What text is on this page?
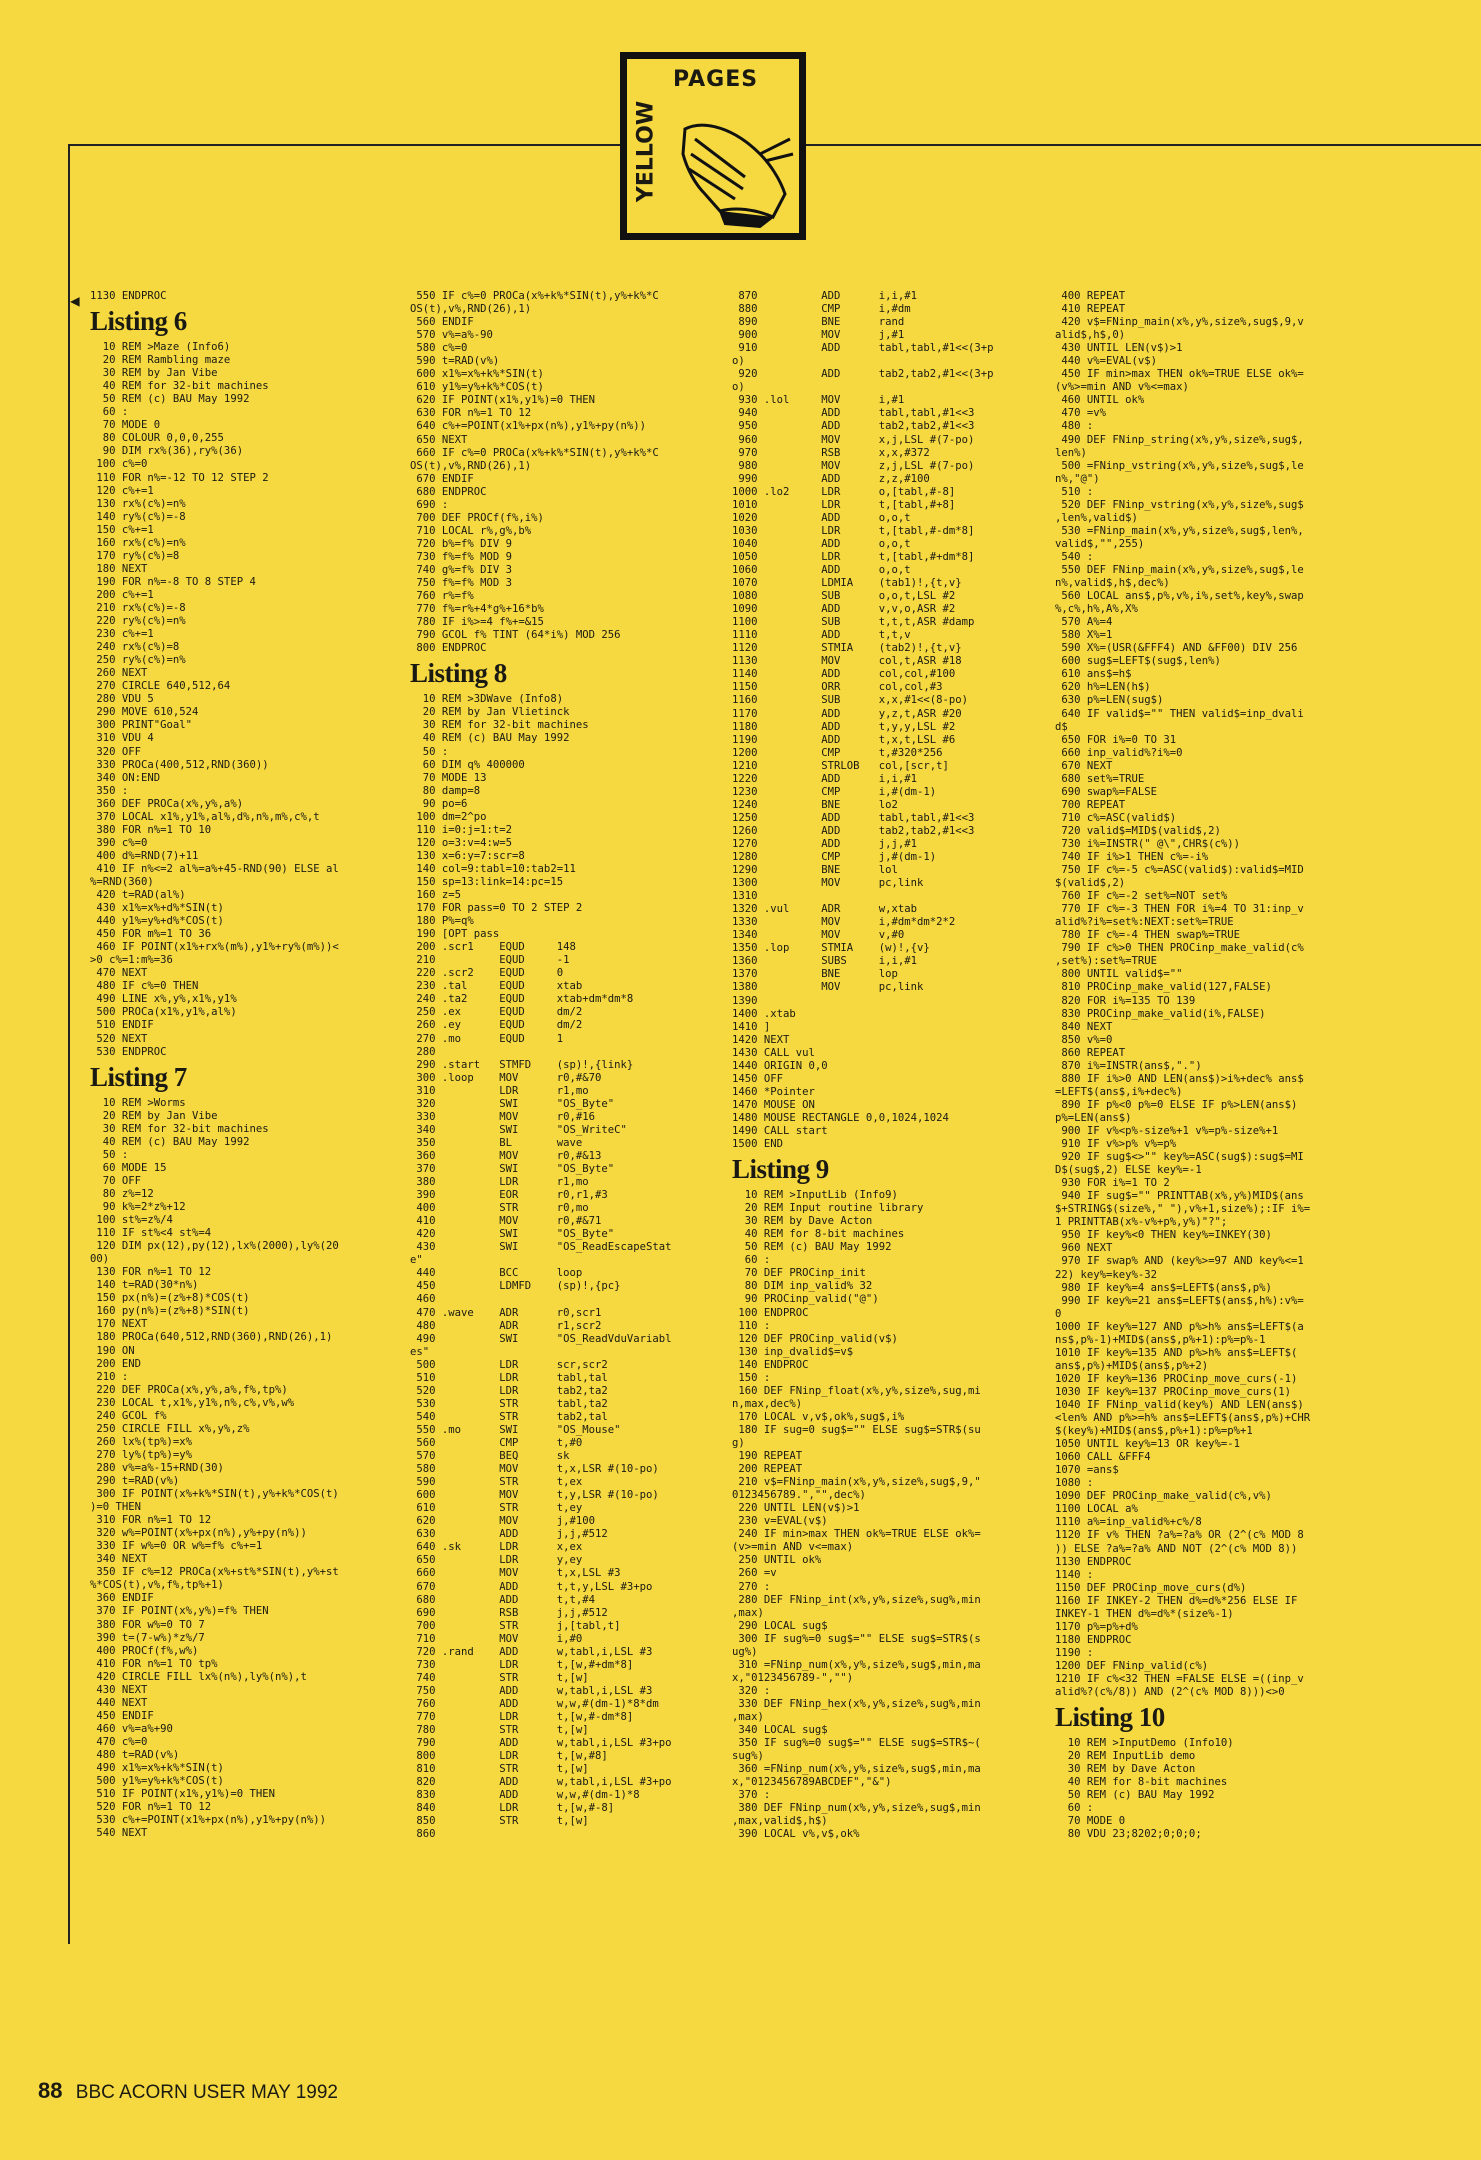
PAGES
YELLOW
◀ 1130 ENDPROC
Listing 6
10 REM >Maze (Info6)
20 REM Rambling maze
30 REM by Jan Vibe
40 REM for 32-bit machines
50 REM (c) BAU May 1992
60 :
70 MODE 0
80 COLOUR 0,0,0,255
90 DIM rx%(36),ry%(36)
100 c%=0
110 FOR n%=-12 TO 12 STEP 2
120 c%+=1
130 rx%(c%)=n%
140 ry%(c%)=-8
150 c%+=1
160 rx%(c%)=n%
170 ry%(c%)=8
180 NEXT
190 FOR n%=-8 TO 8 STEP 4
200 c%+=1
210 rx%(c%)=-8
220 ry%(c%)=n%
230 c%+=1
240 rx%(c%)=8
250 ry%(c%)=n%
260 NEXT
270 CIRCLE 640,512,64
280 VDU 5
290 MOVE 610,524
300 PRINT"Goal"
310 VDU 4
320 OFF
330 PROCa(400,512,RND(360))
340 ON:END
350 :
360 DEF PROCa(x%,y%,a%)
370 LOCAL x1%,y1%,al%,d%,n%,m%,c%,t
380 FOR n%=1 TO 10
390 c%=0
400 d%=RND(7)+11
410 IF n%<=2 al%=a%+45-RND(90) ELSE al
%=RND(360)
420 t=RAD(al%)
430 x1%=x%+d%*SIN(t)
440 y1%=y%+d%*COS(t)
450 FOR m%=1 TO 36
460 IF POINT(x1%+rx%(m%),y1%+ry%(m%))<
>0 c%=1:m%=36
470 NEXT
480 IF c%=0 THEN
490 LINE x%,y%,x1%,y1%
500 PROCa(x1%,y1%,al%)
510 ENDIF
520 NEXT
530 ENDPROC
Listing 7
10 REM >Worms
20 REM by Jan Vibe
30 REM for 32-bit machines
40 REM (c) BAU May 1992
50 :
60 MODE 15
70 OFF
80 z%=12
90 k%=2*z%+12
100 st%=z%/4
110 IF st%<4 st%=4
120 DIM px(12),py(12),lx%(2000),ly%(20
00)
130 FOR n%=1 TO 12
140 t=RAD(30*n%)
150 px(n%)=(z%+8)*COS(t)
160 py(n%)=(z%+8)*SIN(t)
170 NEXT
180 PROCa(640,512,RND(360),RND(26),1)
190 ON
200 END
210 :
220 DEF PROCa(x%,y%,a%,f%,tp%)
230 LOCAL t,x1%,y1%,n%,c%,v%,w%
240 GCOL f%
250 CIRCLE FILL x%,y%,z%
260 lx%(tp%)=x%
270 ly%(tp%)=y%
280 v%=a%-15+RND(30)
290 t=RAD(v%)
300 IF POINT(x%+k%*SIN(t),y%+k%*COS(t)
)=0 THEN
310 FOR n%=1 TO 12
320 w%=POINT(x%+px(n%),y%+py(n%))
330 IF w%=0 OR w%=f% c%+=1
340 NEXT
350 IF c%=12 PROCa(x%+st%*SIN(t),y%+st
%*COS(t),v%,f%,tp%+1)
360 ENDIF
370 IF POINT(x%,y%)=f% THEN
380 FOR w%=0 TO 7
390 t=(7-w%)*z%/7
400 PROCf(f%,w%)
410 FOR n%=1 TO tp%
420 CIRCLE FILL lx%(n%),ly%(n%),t
430 NEXT
440 NEXT
450 ENDIF
460 v%=a%+90
470 c%=0
480 t=RAD(v%)
490 x1%=x%+k%*SIN(t)
500 y1%=y%+k%*COS(t)
510 IF POINT(x1%,y1%)=0 THEN
520 FOR n%=1 TO 12
530 c%+=POINT(x1%+px(n%),y1%+py(n%))
540 NEXT
550 IF c%=0 PROCa(x%+k%*SIN(t),y%+k%*C
OS(t),v%,RND(26),1)
560 ENDIF
570 v%=a%-90
580 c%=0
590 t=RAD(v%)
600 x1%=x%+k%*SIN(t)
610 y1%=y%+k%*COS(t)
620 IF POINT(x1%,y1%)=0 THEN
630 FOR n%=1 TO 12
640 c%+=POINT(x1%+px(n%),y1%+py(n%))
650 NEXT
660 IF c%=0 PROCa(x%+k%*SIN(t),y%+k%*C
OS(t),v%,RND(26),1)
670 ENDIF
680 ENDPROC
690 :
700 DEF PROCf(f%,i%)
710 LOCAL r%,g%,b%
720 b%=f% DIV 9
730 f%=f% MOD 9
740 g%=f% DIV 3
750 f%=f% MOD 3
760 r%=f%
770 f%=r%+4*g%+16*b%
780 IF i%>=4 f%+=&15
790 GCOL f% TINT (64*i%) MOD 256
800 ENDPROC
Listing 8
10 REM >3DWave (Info8)
20 REM by Jan Vlietinck
30 REM for 32-bit machines
40 REM (c) BAU May 1992
50 :
60 DIM q% 400000
70 MODE 13
80 damp=8
90 po=6
100 dm=2^po
110 i=0:j=1:t=2
120 o=3:v=4:w=5
130 x=6:y=7:scr=8
140 col=9:tabl=10:tab2=11
150 sp=13:link=14:pc=15
160 z=5
170 FOR pass=0 TO 2 STEP 2
180 P%=q%
190 [OPT pass
200 .scr1    EQUD     148
210          EQUD     -1
220 .scr2    EQUD     0
230 .tal     EQUD     xtab
240 .ta2     EQUD     xtab+dm*dm*8
250 .ex      EQUD     dm/2
260 .ey      EQUD     dm/2
270 .mo      EQUD     1
280
290 .start   STMFD    (sp)!,{link}
300 .loop    MOV      r0,#&70
310          LDR      r1,mo
320          SWI      "OS_Byte"
330          MOV      r0,#16
340          SWI      "OS_WriteC"
350          BL       wave
360          MOV      r0,#&13
370          SWI      "OS_Byte"
380          LDR      r1,mo
390          EOR      r0,r1,#3
400          STR      r0,mo
410          MOV      r0,#&71
420          SWI      "OS_Byte"
430          SWI      "OS_ReadEscapeStat
e"
440          BCC      loop
450          LDMFD    (sp)!,{pc}
460
470 .wave    ADR      r0,scr1
480          ADR      r1,scr2
490          SWI      "OS_ReadVduVariabl
es"
500          LDR      scr,scr2
510          LDR      tabl,tal
520          LDR      tab2,ta2
530          STR      tabl,ta2
540          STR      tab2,tal
550 .mo      SWI      "OS_Mouse"
560          CMP      t,#0
570          BEQ      sk
580          MOV      t,x,LSR #(10-po)
590          STR      t,ex
600          MOV      t,y,LSR #(10-po)
610          STR      t,ey
620          MOV      j,#100
630          ADD      j,j,#512
640 .sk      LDR      x,ex
650          LDR      y,ey
660          MOV      t,x,LSL #3
670          ADD      t,t,y,LSL #3+po
680          ADD      t,t,#4
690          RSB      j,j,#512
700          STR      j,[tabl,t]
710          MOV      i,#0
720 .rand    ADD      w,tabl,i,LSL #3
730          LDR      t,[w,#+dm*8]
740          STR      t,[w]
750          ADD      w,tabl,i,LSL #3
760          ADD      w,w,#(dm-1)*8*dm
770          LDR      t,[w,#-dm*8]
780          STR      t,[w]
790          ADD      w,tabl,i,LSL #3+po
800          LDR      t,[w,#8]
810          STR      t,[w]
820          ADD      w,tabl,i,LSL #3+po
830          ADD      w,w,#(dm-1)*8
840          LDR      t,[w,#-8]
850          STR      t,[w]
860
870          ADD      i,i,#1
880          CMP      i,#dm
890          BNE      rand
900          MOV      j,#1
910          ADD      tabl,tabl,#1<<(3+p
o)
920          ADD      tab2,tab2,#1<<(3+p
o)
930 .lol     MOV      i,#1
940          ADD      tabl,tabl,#1<<3
950          ADD      tab2,tab2,#1<<3
960          MOV      x,j,LSL #(7-po)
970          RSB      x,x,#372
980          MOV      z,j,LSL #(7-po)
990          ADD      z,z,#100
1000 .lo2     LDR      o,[tabl,#-8]
1010          LDR      t,[tabl,#+8]
1020          ADD      o,o,t
1030          LDR      t,[tabl,#-dm*8]
1040          ADD      o,o,t
1050          LDR      t,[tabl,#+dm*8]
1060          ADD      o,o,t
1070          LDMIA    (tab1)!,{t,v}
1080          SUB      o,o,t,LSL #2
1090          ADD      v,v,o,ASR #2
1100          SUB      t,t,t,ASR #damp
1110          ADD      t,t,v
1120          STMIA    (tab2)!,{t,v}
1130          MOV      col,t,ASR #18
1140          ADD      col,col,#100
1150          ORR      col,col,#3
1160          SUB      x,x,#1<<(8-po)
1170          ADD      y,z,t,ASR #20
1180          ADD      t,y,y,LSL #2
1190          ADD      t,x,t,LSL #6
1200          CMP      t,#320*256
1210          STRLOB   col,[scr,t]
1220          ADD      i,i,#1
1230          CMP      i,#(dm-1)
1240          BNE      lo2
1250          ADD      tabl,tabl,#1<<3
1260          ADD      tab2,tab2,#1<<3
1270          ADD      j,j,#1
1280          CMP      j,#(dm-1)
1290          BNE      lol
1300          MOV      pc,link
1310
1320 .vul     ADR      w,xtab
1330          MOV      i,#dm*dm*2*2
1340          MOV      v,#0
1350 .lop     STMIA    (w)!,{v}
1360          SUBS     i,i,#1
1370          BNE      lop
1380          MOV      pc,link
1390
1400 .xtab
1410 ]
1420 NEXT
1430 CALL vul
1440 ORIGIN 0,0
1450 OFF
1460 *Pointer
1470 MOUSE ON
1480 MOUSE RECTANGLE 0,0,1024,1024
1490 CALL start
1500 END
Listing 9
10 REM >InputLib (Info9)
20 REM Input routine library
30 REM by Dave Acton
40 REM for 8-bit machines
50 REM (c) BAU May 1992
60 :
70 DEF PROCinp_init
80 DIM inp_valid% 32
90 PROCinp_valid("@")
100 ENDPROC
110 :
120 DEF PROCinp_valid(v$)
130 inp_dvalid$=v$
140 ENDPROC
150 :
160 DEF FNinp_float(x%,y%,size%,sug,mi
n,max,dec%)
170 LOCAL v,v$,ok%,sug$,i%
180 IF sug=0 sug$="" ELSE sug$=STR$(su
g)
190 REPEAT
200 REPEAT
210 v$=FNinp_main(x%,y%,size%,sug$,9,"
0123456789.","",dec%)
220 UNTIL LEN(v$)>1
230 v=EVAL(v$)
240 IF min>max THEN ok%=TRUE ELSE ok%=
(v>=min AND v<=max)
250 UNTIL ok%
260 =v
270 :
280 DEF FNinp_int(x%,y%,size%,sug%,min
,max)
290 LOCAL sug$
300 IF sug%=0 sug$="" ELSE sug$=STR$(s
ug%)
310 =FNinp_num(x%,y%,size%,sug$,min,ma
x,"0123456789-","")
320 :
330 DEF FNinp_hex(x%,y%,size%,sug%,min
,max)
340 LOCAL sug$
350 IF sug%=0 sug$="" ELSE sug$=STR$~(
sug%)
360 =FNinp_num(x%,y%,size%,sug$,min,ma
x,"0123456789ABCDEF","&")
370 :
380 DEF FNinp_num(x%,y%,size%,sug$,min
,max,valid$,h$)
390 LOCAL v%,v$,ok%
400 REPEAT
410 REPEAT
420 v$=FNinp_main(x%,y%,size%,sug$,9,v
alid$,h$,0)
430 UNTIL LEN(v$)>1
440 v%=EVAL(v$)
450 IF min>max THEN ok%=TRUE ELSE ok%=
(v%>=min AND v%<=max)
460 UNTIL ok%
470 =v%
480 :
490 DEF FNinp_string(x%,y%,size%,sug$,
len%)
500 =FNinp_vstring(x%,y%,size%,sug$,le
n%,"@")
510 :
520 DEF FNinp_vstring(x%,y%,size%,sug$
,len%,valid$)
530 =FNinp_main(x%,y%,size%,sug$,len%,
valid$,"",255)
540 :
550 DEF FNinp_main(x%,y%,size%,sug$,le
n%,valid$,h$,dec%)
560 LOCAL ans$,p%,v%,i%,set%,key%,swap
%,c%,h%,A%,X%
570 A%=4
580 X%=1
590 X%=(USR(&FFF4) AND &FF00) DIV 256
600 sug$=LEFT$(sug$,len%)
610 ans$=h$
620 h%=LEN(h$)
630 p%=LEN(sug$)
640 IF valid$="" THEN valid$=inp_dvali
d$
650 FOR i%=0 TO 31
660 inp_valid%?i%=0
670 NEXT
680 set%=TRUE
690 swap%=FALSE
700 REPEAT
710 c%=ASC(valid$)
720 valid$=MID$(valid$,2)
730 i%=INSTR(" @\",CHR$(c%))
740 IF i%>1 THEN c%=-i%
750 IF c%=-5 c%=ASC(valid$):valid$=MID
$(valid$,2)
760 IF c%=-2 set%=NOT set%
770 IF c%=-3 THEN FOR i%=4 TO 31:inp_v
alid%?i%=set%:NEXT:set%=TRUE
780 IF c%=-4 THEN swap%=TRUE
790 IF c%>0 THEN PROCinp_make_valid(c%
,set%):set%=TRUE
800 UNTIL valid$=""
810 PROCinp_make_valid(127,FALSE)
820 FOR i%=135 TO 139
830 PROCinp_make_valid(i%,FALSE)
840 NEXT
850 v%=0
860 REPEAT
870 i%=INSTR(ans$,".")
880 IF i%>0 AND LEN(ans$)>i%+dec% ans$
=LEFT$(ans$,i%+dec%)
890 IF p%<0 p%=0 ELSE IF p%>LEN(ans$)
p%=LEN(ans$)
900 IF v%<p%-size%+1 v%=p%-size%+1
910 IF v%>p% v%=p%
920 IF sug$<>"" key%=ASC(sug$):sug$=MI
D$(sug$,2) ELSE key%=-1
930 FOR i%=1 TO 2
940 IF sug$="" PRINTTAB(x%,y%)MID$(ans
$+STRING$(size%," "),v%+1,size%);:IF i%=
1 PRINTTAB(x%-v%+p%,y%)"?";
950 IF key%<0 THEN key%=INKEY(30)
960 NEXT
970 IF swap% AND (key%>=97 AND key%<=1
22) key%=key%-32
980 IF key%=4 ans$=LEFT$(ans$,p%)
990 IF key%=21 ans$=LEFT$(ans$,h%):v%=
0
1000 IF key%=127 AND p%>h% ans$=LEFT$(a
ns$,p%-1)+MID$(ans$,p%+1):p%=p%-1
1010 IF key%=135 AND p%>h% ans$=LEFT$(
ans$,p%)+MID$(ans$,p%+2)
1020 IF key%=136 PROCinp_move_curs(-1)
1030 IF key%=137 PROCinp_move_curs(1)
1040 IF FNinp_valid(key%) AND LEN(ans$)
<len% AND p%>=h% ans$=LEFT$(ans$,p%)+CHR
$(key%)+MID$(ans$,p%+1):p%=p%+1
1050 UNTIL key%=13 OR key%=-1
1060 CALL &FFF4
1070 =ans$
1080 :
1090 DEF PROCinp_make_valid(c%,v%)
1100 LOCAL a%
1110 a%=inp_valid%+c%/8
1120 IF v% THEN ?a%=?a% OR (2^(c% MOD 8
)) ELSE ?a%=?a% AND NOT (2^(c% MOD 8))
1130 ENDPROC
1140 :
1150 DEF PROCinp_move_curs(d%)
1160 IF INKEY-2 THEN d%=d%*256 ELSE IF
INKEY-1 THEN d%=d%*(size%-1)
1170 p%=p%+d%
1180 ENDPROC
1190 :
1200 DEF FNinp_valid(c%)
1210 IF c%<32 THEN =FALSE ELSE =((inp_v
alid%?(c%/8)) AND (2^(c% MOD 8)))<>0
Listing 10
10 REM >InputDemo (Info10)
20 REM InputLib demo
30 REM by Dave Acton
40 REM for 8-bit machines
50 REM (c) BAU May 1992
60 :
70 MODE 0
80 VDU 23;8202;0;0;0;
88 BBC ACORN USER MAY 1992
